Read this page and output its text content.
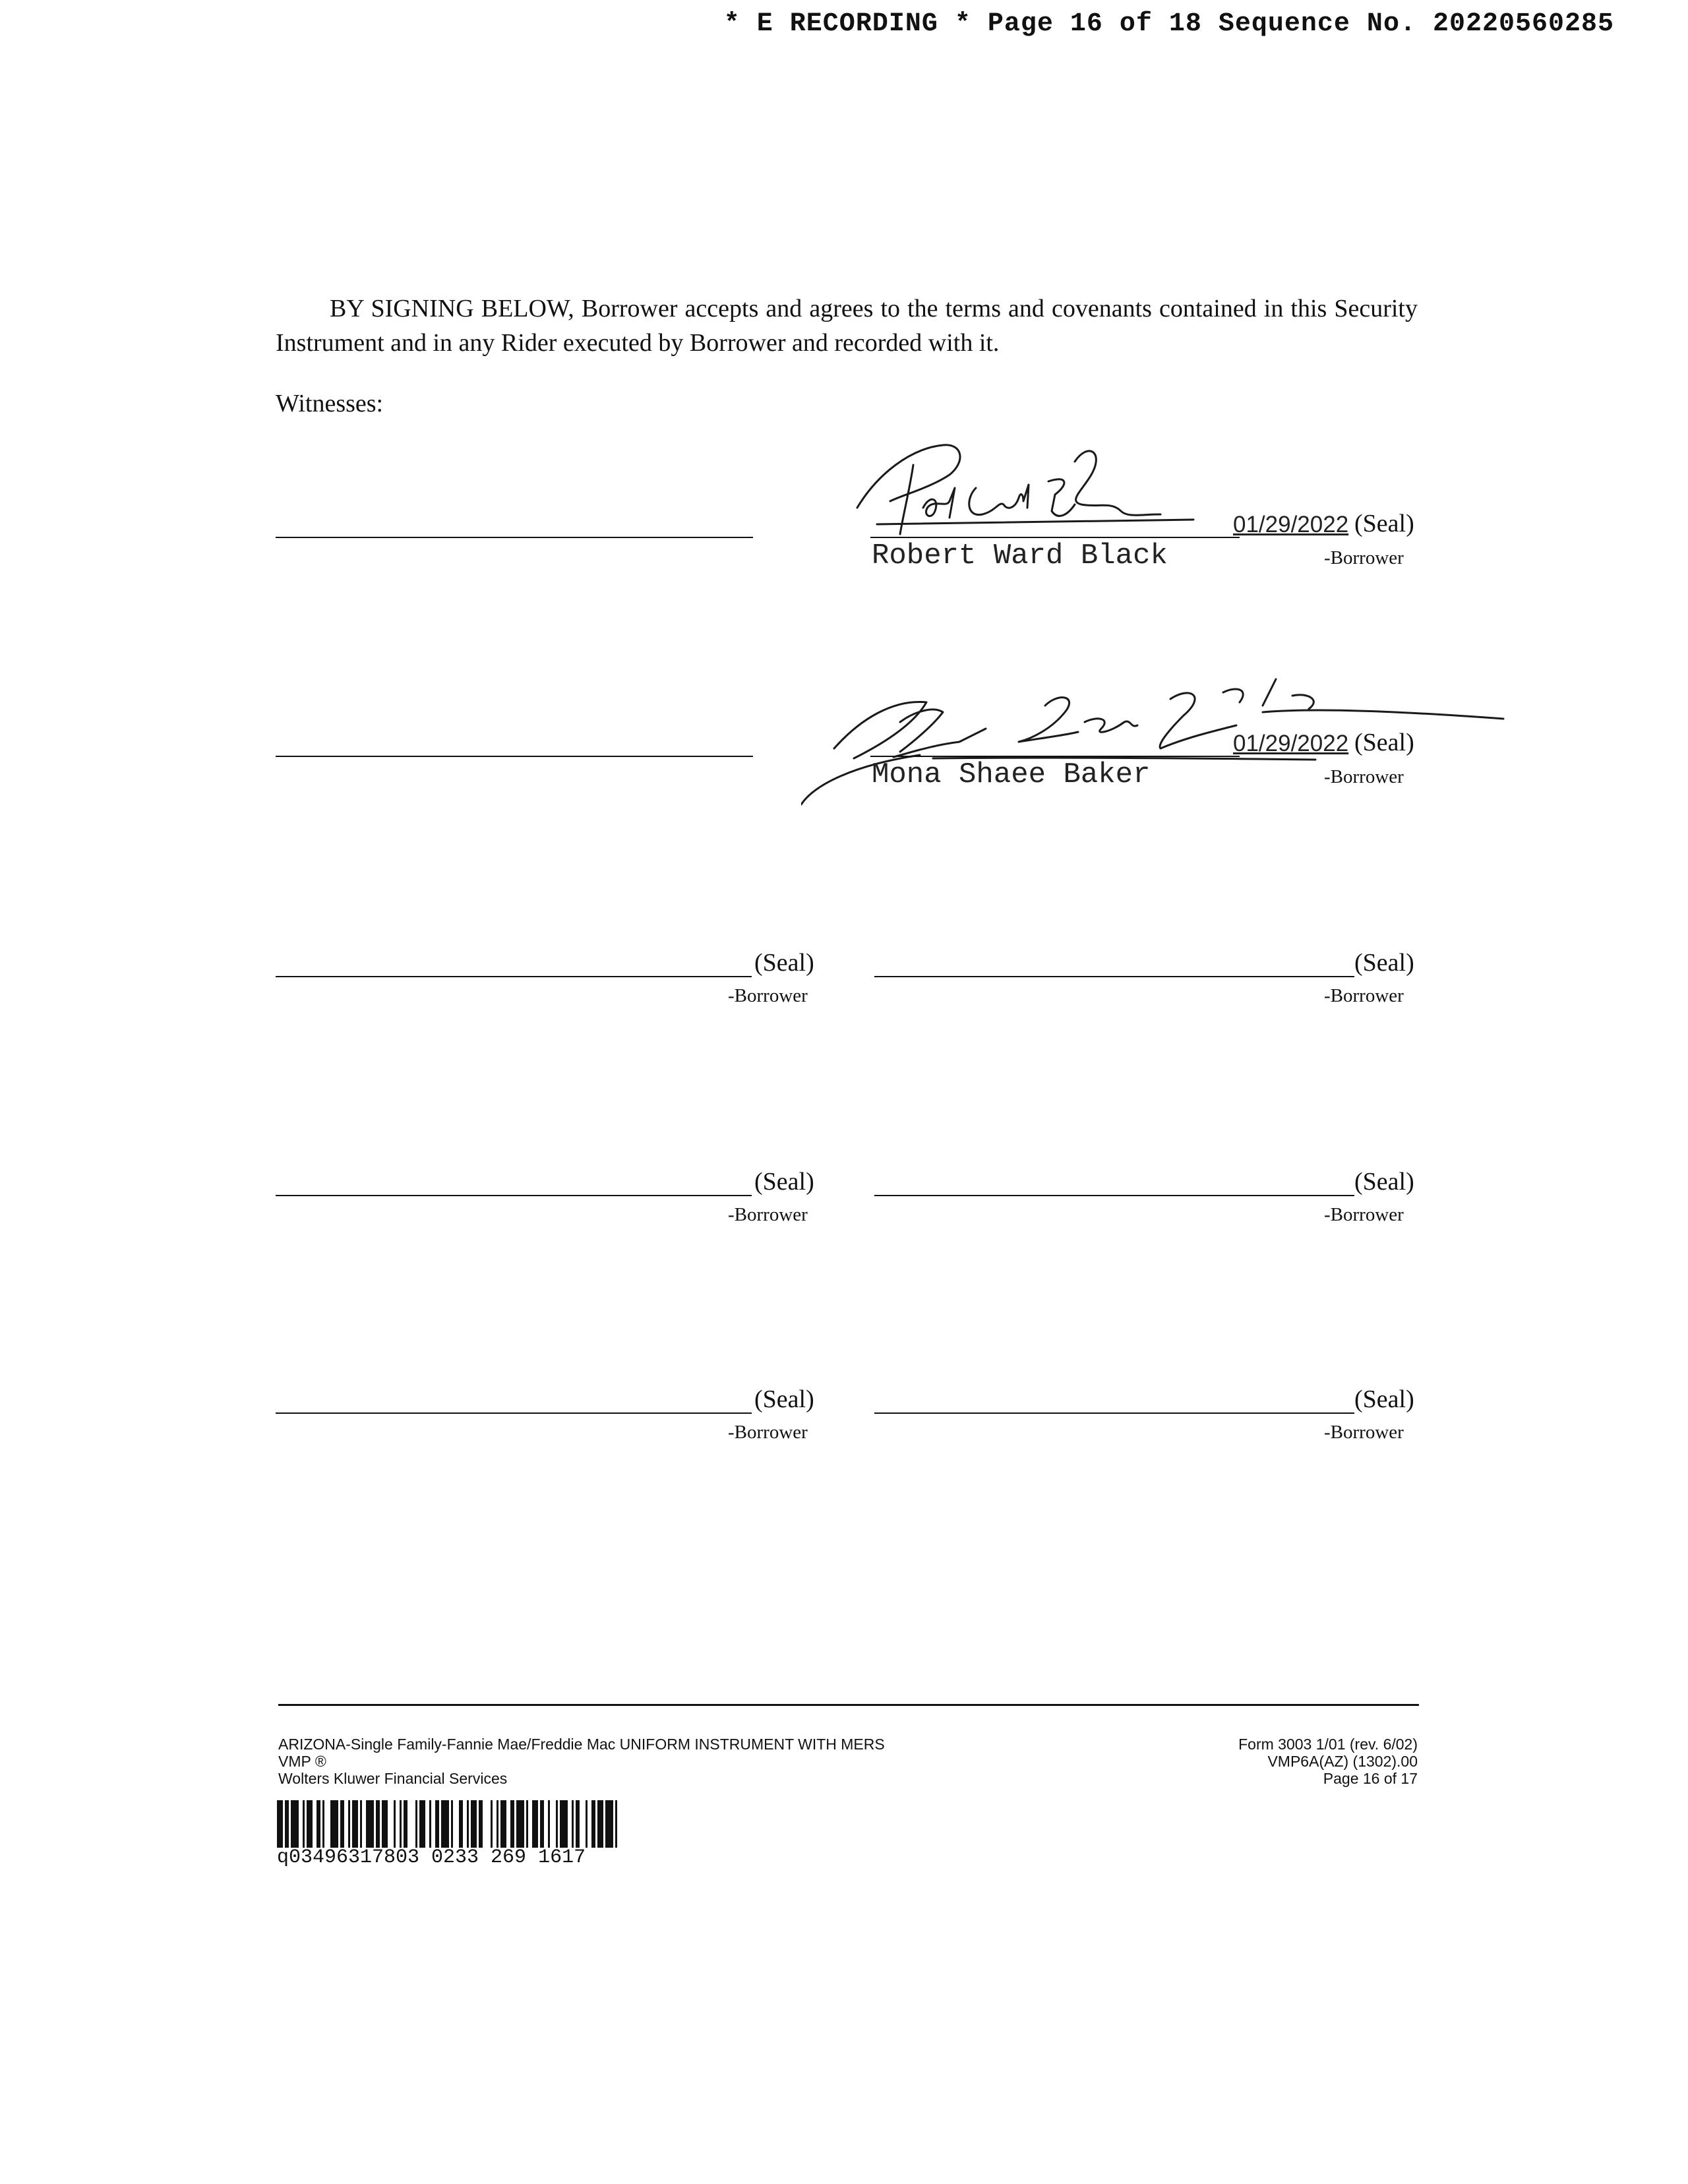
* E RECORDING * Page 16 of 18 Sequence No. 20220560285
BY SIGNING BELOW, Borrower accepts and agrees to the terms and covenants contained in this Security Instrument and in any Rider executed by Borrower and recorded with it.
Witnesses:
01/29/2022 (Seal)
Robert Ward Black	-Borrower
01/29/2022 (Seal)
Mona Shaee Baker	-Borrower
(Seal)
-Borrower
(Seal)
-Borrower
(Seal)
-Borrower
(Seal)
-Borrower
(Seal)
-Borrower
(Seal)
-Borrower
ARIZONA-Single Family-Fannie Mae/Freddie Mac UNIFORM INSTRUMENT WITH MERS
VMP ®
Wolters Kluwer Financial Services
Form 3003 1/01 (rev. 6/02)
VMP6A(AZ) (1302).00
Page 16 of 17
q03496317803 0233 269 1617
